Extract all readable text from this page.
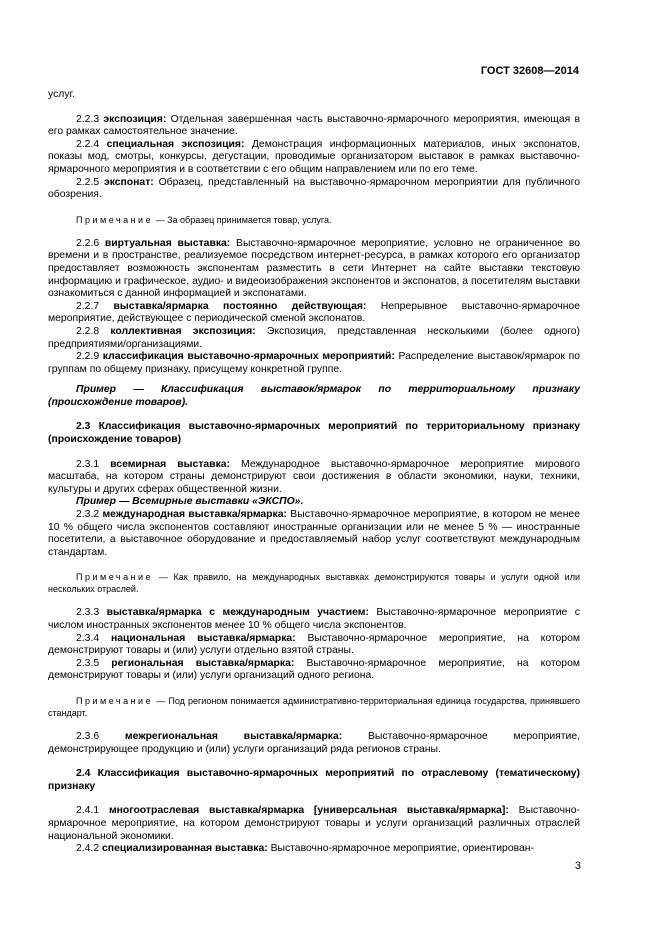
ГОСТ 32608—2014

услуг.

2.2.3 экспозиция: Отдельная завершенная часть выставочно-ярмарочного мероприятия, имеющая в его рамках самостоятельное значение.

2.2.4 специальная экспозиция: Демонстрация информационных материалов, иных экспонатов, показы мод, смотры, конкурсы, дегустации, проводимые организатором выставок в рамках выставочно-ярмарочного мероприятия и в соответствии с его общим направлением или по его теме.

2.2.5 экспонат: Образец, представленный на выставочно-ярмарочном мероприятии для публичного обозрения.

Примечание — За образец принимается товар, услуга.

2.2.6 виртуальная выставка: Выставочно-ярмарочное мероприятие, условно не ограниченное во времени и в пространстве, реализуемое посредством интернет-ресурса, в рамках которого его организатор предоставляет возможность экспонентам разместить в сети Интернет на сайте выставки текстовую информацию и графическое, аудио- и видеоизображения экспонентов и экспонатов, а посетителям выставки ознакомиться с данной информацией и экспонатами.

2.2.7 выставка/ярмарка постоянно действующая: Непрерывное выставочно-ярмарочное мероприятие, действующее с периодической сменой экспонатов.

2.2.8 коллективная экспозиция: Экспозиция, представленная несколькими (более одного) предприятиями/организациями.

2.2.9 классификация выставочно-ярмарочных мероприятий: Распределение выставок/ярмарок по группам по общему признаку, присущему конкретной группе.

Пример — Классификация выставок/ярмарок по территориальному признаку (происхождение товаров).

2.3 Классификация выставочно-ярмарочных мероприятий по территориальному признаку (происхождение товаров)

2.3.1 всемирная выставка: Международное выставочно-ярмарочное мероприятие мирового масштаба, на котором страны демонстрируют свои достижения в области экономики, науки, техники, культуры и других сферах общественной жизни.

Пример — Всемирные выставки «ЭКСПО».

2.3.2 международная выставка/ярмарка: Выставочно-ярмарочное мероприятие, в котором не менее 10 % общего числа экспонентов составляют иностранные организации или не менее 5 % — иностранные посетители, а выставочное оборудование и предоставляемый набор услуг соответствуют международным стандартам.

Примечание — Как правило, на международных выставках демонстрируются товары и услуги одной или нескольких отраслей.

2.3.3 выставка/ярмарка с международным участием: Выставочно-ярмарочное мероприятие с числом иностранных экспонентов менее 10 % общего числа экспонентов.

2.3.4 национальная выставка/ярмарка: Выставочно-ярмарочное мероприятие, на котором демонстрируют товары и (или) услуги отдельно взятой страны.

2.3.5 региональная выставка/ярмарка: Выставочно-ярмарочное мероприятие, на котором демонстрируют товары и (или) услуги организаций одного региона.

Примечание — Под регионом понимается административно-территориальная единица государства, принявшего стандарт.

2.3.6 межрегиональная выставка/ярмарка: Выставочно-ярмарочное мероприятие, демонстрирующее продукцию и (или) услуги организаций ряда регионов страны.

2.4 Классификация выставочно-ярмарочных мероприятий по отраслевому (тематическому) признаку

2.4.1 многоотраслевая выставка/ярмарка [универсальная выставка/ярмарка]: Выставочно-ярмарочное мероприятие, на котором демонстрируют товары и услуги организаций различных отраслей национальной экономики.

2.4.2 специализированная выставка: Выставочно-ярмарочное мероприятие, ориентирован-

3
